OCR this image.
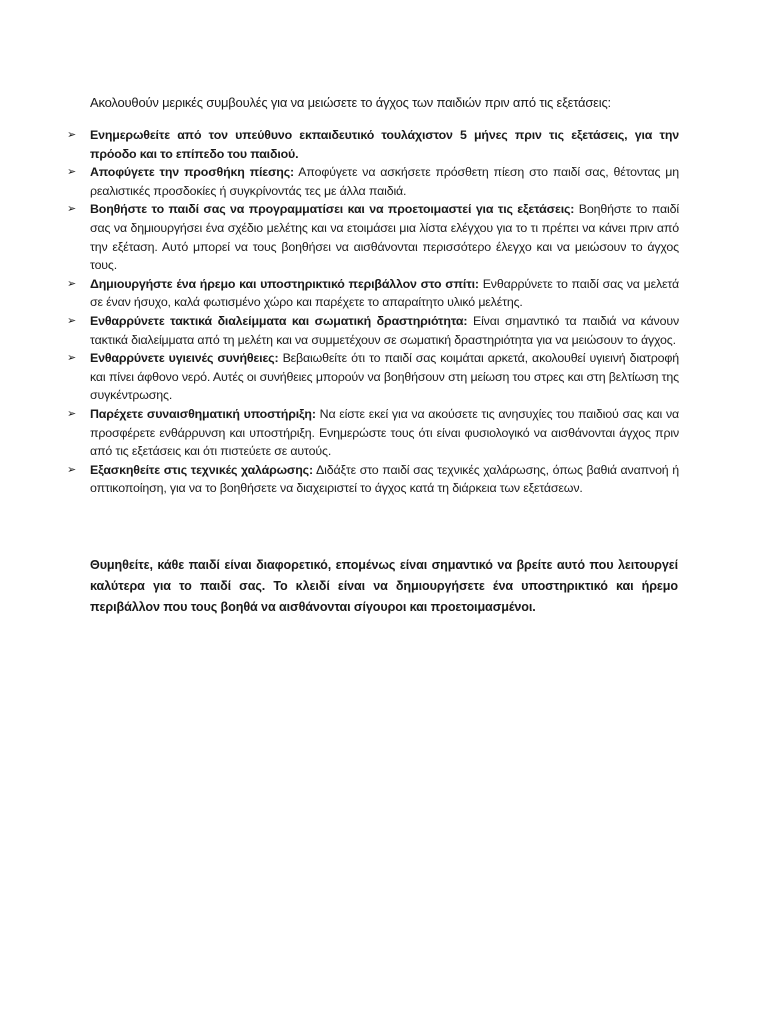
Ακολουθούν μερικές συμβουλές για να μειώσετε το άγχος των παιδιών πριν από τις εξετάσεις:
➢ Ενημερωθείτε από τον υπεύθυνο εκπαιδευτικό τουλάχιστον 5 μήνες πριν τις εξετάσεις, για την πρόοδο και το επίπεδο του παιδιού.
➢ Αποφύγετε την προσθήκη πίεσης: Αποφύγετε να ασκήσετε πρόσθετη πίεση στο παιδί σας, θέτοντας μη ρεαλιστικές προσδοκίες ή συγκρίνοντάς τες με άλλα παιδιά.
➢ Βοηθήστε το παιδί σας να προγραμματίσει και να προετοιμαστεί για τις εξετάσεις: Βοηθήστε το παιδί σας να δημιουργήσει ένα σχέδιο μελέτης και να ετοιμάσει μια λίστα ελέγχου για το τι πρέπει να κάνει πριν από την εξέταση. Αυτό μπορεί να τους βοηθήσει να αισθάνονται περισσότερο έλεγχο και να μειώσουν το άγχος τους.
➢ Δημιουργήστε ένα ήρεμο και υποστηρικτικό περιβάλλον στο σπίτι: Ενθαρρύνετε το παιδί σας να μελετά σε έναν ήσυχο, καλά φωτισμένο χώρο και παρέχετε το απαραίτητο υλικό μελέτης.
➢ Ενθαρρύνετε τακτικά διαλείμματα και σωματική δραστηριότητα: Είναι σημαντικό τα παιδιά να κάνουν τακτικά διαλείμματα από τη μελέτη και να συμμετέχουν σε σωματική δραστηριότητα για να μειώσουν το άγχος.
➢ Ενθαρρύνετε υγιεινές συνήθειες: Βεβαιωθείτε ότι το παιδί σας κοιμάται αρκετά, ακολουθεί υγιεινή διατροφή και πίνει άφθονο νερό. Αυτές οι συνήθειες μπορούν να βοηθήσουν στη μείωση του στρες και στη βελτίωση της συγκέντρωσης.
➢ Παρέχετε συναισθηματική υποστήριξη: Να είστε εκεί για να ακούσετε τις ανησυχίες του παιδιού σας και να προσφέρετε ενθάρρυνση και υποστήριξη. Ενημερώστε τους ότι είναι φυσιολογικό να αισθάνονται άγχος πριν από τις εξετάσεις και ότι πιστεύετε σε αυτούς.
➢ Εξασκηθείτε στις τεχνικές χαλάρωσης: Διδάξτε στο παιδί σας τεχνικές χαλάρωσης, όπως βαθιά αναπνοή ή οπτικοποίηση, για να το βοηθήσετε να διαχειριστεί το άγχος κατά τη διάρκεια των εξετάσεων.
Θυμηθείτε, κάθε παιδί είναι διαφορετικό, επομένως είναι σημαντικό να βρείτε αυτό που λειτουργεί καλύτερα για το παιδί σας. Το κλειδί είναι να δημιουργήσετε ένα υποστηρικτικό και ήρεμο περιβάλλον που τους βοηθά να αισθάνονται σίγουροι και προετοιμασμένοι.
